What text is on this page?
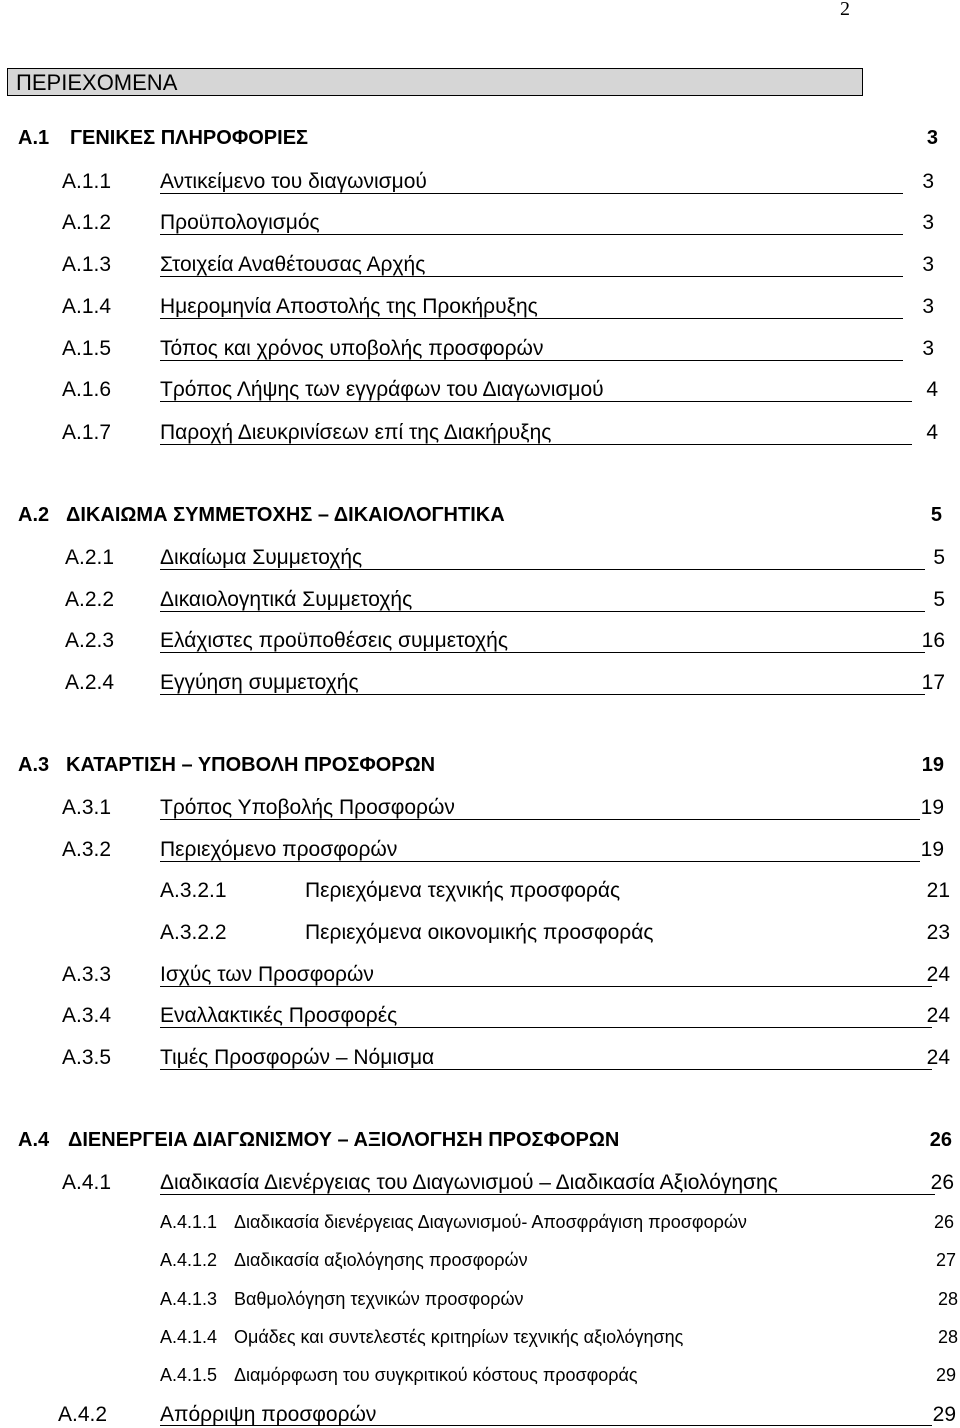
2
ΠΕΡΙΕΧΟΜΕΝΑ
Α.1 ΓΕΝΙΚΕΣ ΠΛΗΡΟΦΟΡΙΕΣ	3
Α.1.1 Αντικείμενο του διαγωνισμού	3
Α.1.2 Προϋπολογισμός	3
Α.1.3 Στοιχεία Αναθέτουσας Αρχής	3
Α.1.4 Ημερομηνία Αποστολής της Προκήρυξης	3
Α.1.5 Τόπος και χρόνος υποβολής προσφορών	3
Α.1.6 Τρόπος Λήψης των εγγράφων του Διαγωνισμού	4
Α.1.7 Παροχή Διευκρινίσεων επί της Διακήρυξης	4
Α.2 ΔΙΚΑΙΩΜΑ ΣΥΜΜΕΤΟΧΗΣ – ΔΙΚΑΙΟΛΟΓΗΤΙΚΑ	5
Α.2.1 Δικαίωμα Συμμετοχής	5
Α.2.2 Δικαιολογητικά Συμμετοχής	5
Α.2.3 Ελάχιστες προϋποθέσεις συμμετοχής	16
Α.2.4 Εγγύηση συμμετοχής	17
Α.3 ΚΑΤΑΡΤΙΣΗ – ΥΠΟΒΟΛΗ ΠΡΟΣΦΟΡΩΝ	19
Α.3.1 Τρόπος Υποβολής Προσφορών	19
Α.3.2 Περιεχόμενο προσφορών	19
Α.3.2.1	Περιεχόμενα τεχνικής προσφοράς	21
Α.3.2.2	Περιεχόμενα οικονομικής προσφοράς	23
Α.3.3 Ισχύς των Προσφορών	24
Α.3.4 Εναλλακτικές Προσφορές	24
Α.3.5 Τιμές Προσφορών – Νόμισμα	24
Α.4 ΔΙΕΝΕΡΓΕΙΑ ΔΙΑΓΩΝΙΣΜΟΥ – ΑΞΙΟΛΟΓΗΣΗ ΠΡΟΣΦΟΡΩΝ	26
Α.4.1 Διαδικασία Διενέργειας του Διαγωνισμού – Διαδικασία Αξιολόγησης	26
Α.4.1.1 Διαδικασία διενέργειας Διαγωνισμού- Αποσφράγιση προσφορών	26
Α.4.1.2 Διαδικασία αξιολόγησης προσφορών	27
Α.4.1.3 Βαθμολόγηση τεχνικών προσφορών	28
Α.4.1.4 Ομάδες και συντελεστές κριτηρίων τεχνικής αξιολόγησης	28
Α.4.1.5 Διαμόρφωση του συγκριτικού κόστους προσφοράς	29
Α.4.2	Απόρριψη προσφορών	29
